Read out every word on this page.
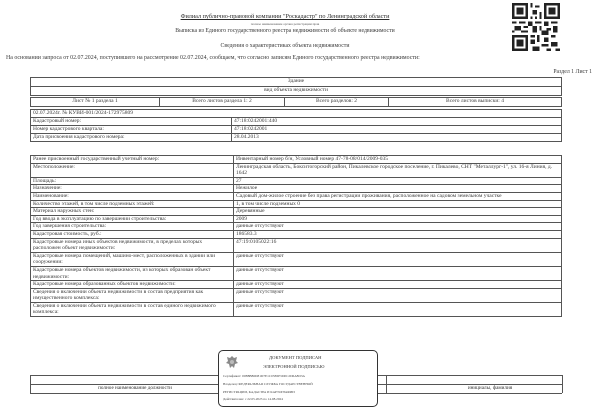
Филиал публично-правовой компании "Роскадастр" по Ленинградской области
полное наименование органа регистрации прав
Выписка из Единого государственного реестра недвижимости об объекте недвижимости
Сведения о характеристиках объекта недвижимости
На основании запроса от 02.07.2024, поступившего на рассмотрение 02.07.2024, сообщаем, что согласно записям Единого государственного реестра недвижимости:
Раздел 1 Лист 1
Здание
вид объекта недвижимости
Лист № 1 раздела 1	Всего листов раздела 1: 2	Всего разделов: 2	Всего листов выписки: 4
02.07.2024г. № КУВИ-001/2024-172975809	
Кадастровый номер:	47:18:0242001:440
Номер кадастрового квартала:	47:18:0242001
Дата присвоения кадастрового номера:	28.04.2013
Ранее присвоенный государственный учетный номер:	Инвентарный номер б/н, Условный номер 47-78-08/014/2009-035
Местоположение:	Ленинградская область, Бокситогорский район, Пикалевское городское поселение, г. Пикалево, СНТ "Металлург-1", ул. 16-я Линия, д. 1642
Площадь:	27
Назначение:	Нежилое
Наименование:	Садовый дом-жилое строение без права регистрации проживания, расположенное на садовом земельном участке
Количество этажей, в том числе подземных этажей:	1, в том числе подземных 0
Материал наружных стен:	Деревянные
Год ввода в эксплуатацию по завершении строительства:	2009
Год завершения строительства:	данные отсутствуют
Кадастровая стоимость, руб.:	186583.3
Кадастровые номера иных объектов недвижимости, в пределах которых расположен объект недвижимости:	47:19:0105022:16
Кадастровые номера помещений, машино-мест, расположенных в здании или сооружении:	данные отсутствуют
Кадастровые номера объектов недвижимости, из которых образован объект недвижимости:	данные отсутствуют
Кадастровые номера образованных объектов недвижимости:	данные отсутствуют
Сведения о включении объекта недвижимости в состав предприятия как имущественного комплекса:	данные отсутствуют
Сведения о включении объекта недвижимости в состав единого недвижимого комплекса:	данные отсутствуют
полное наименование должности	инициалы, фамилия
ДОКУМЕНТ ПОДПИСАН
ЭЛЕКТРОННОЙ ПОДПИСЬЮ
Сертификат: 00B8B86D81D7E1C03E6E5D0C2D6A8D3A
Владелец: ФЕДЕРАЛЬНАЯ СЛУЖБА ГОСУДАРСТВЕННОЙ
РЕГИСТРАЦИИ, КАДАСТРА И КАРТОГРАФИИ
Действителен: с 22.05.2023 по 14.08.2024
